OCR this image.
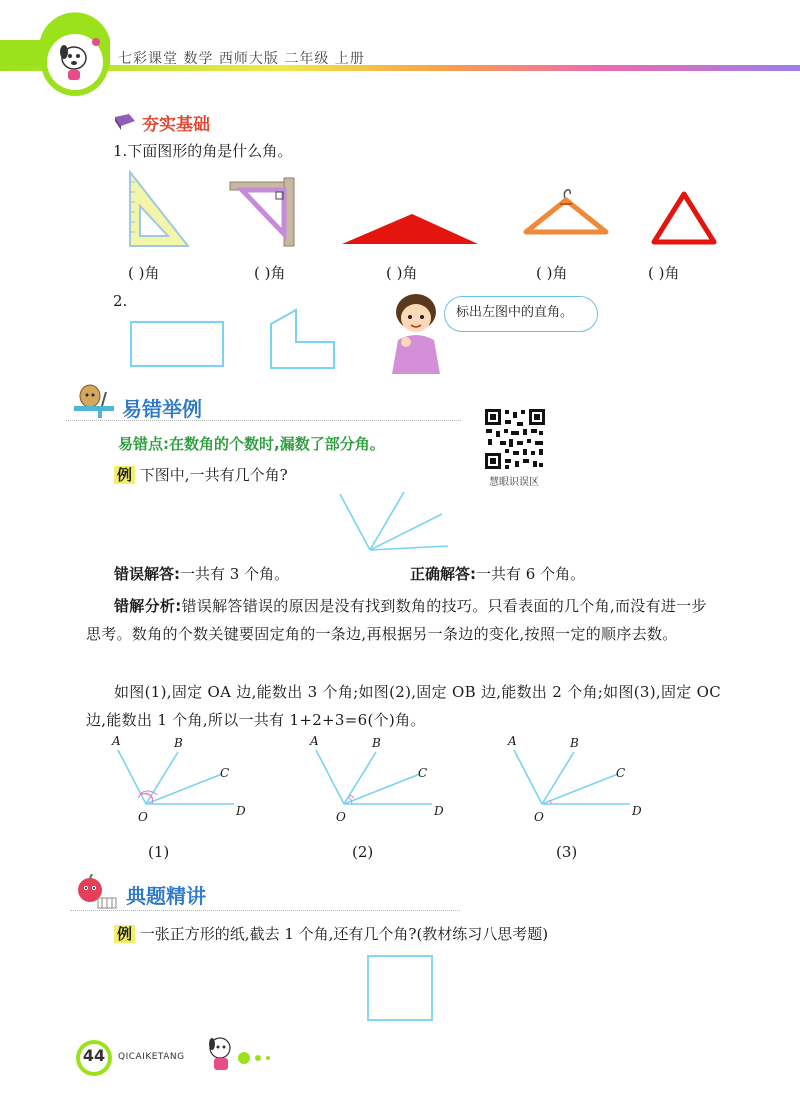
七彩课堂 数学 西师大版 二年级 上册
夯实基础
1.下面图形的角是什么角。
( )角	( )角	( )角	( )角	( )角
2.
标出左图中的直角。
易错举例
易错点:在数角的个数时,漏数了部分角。
例 下图中,一共有几个角?	慧眼识误区
错误解答:一共有 3 个角。	正确解答:一共有 6 个角。
错解分析:错误解答错误的原因是没有找到数角的技巧。只看表面的几个角,而没有进一步思考。数角的个数关键要固定角的一条边,再根据另一条边的变化,按照一定的顺序去数。
如图(1),固定 OA 边,能数出 3 个角;如图(2),固定 OB 边,能数出 2 个角;如图(3),固定 OC 边,能数出 1 个角,所以一共有 1+2+3=6(个)角。
A	B
C
D
O
A	B
C
D
O
A	B
C
D
O
(1)	(2)	(3)
典题精讲
例 一张正方形的纸,截去 1 个角,还有几个角?(教材练习八思考题)
44	QICAIKETANG
